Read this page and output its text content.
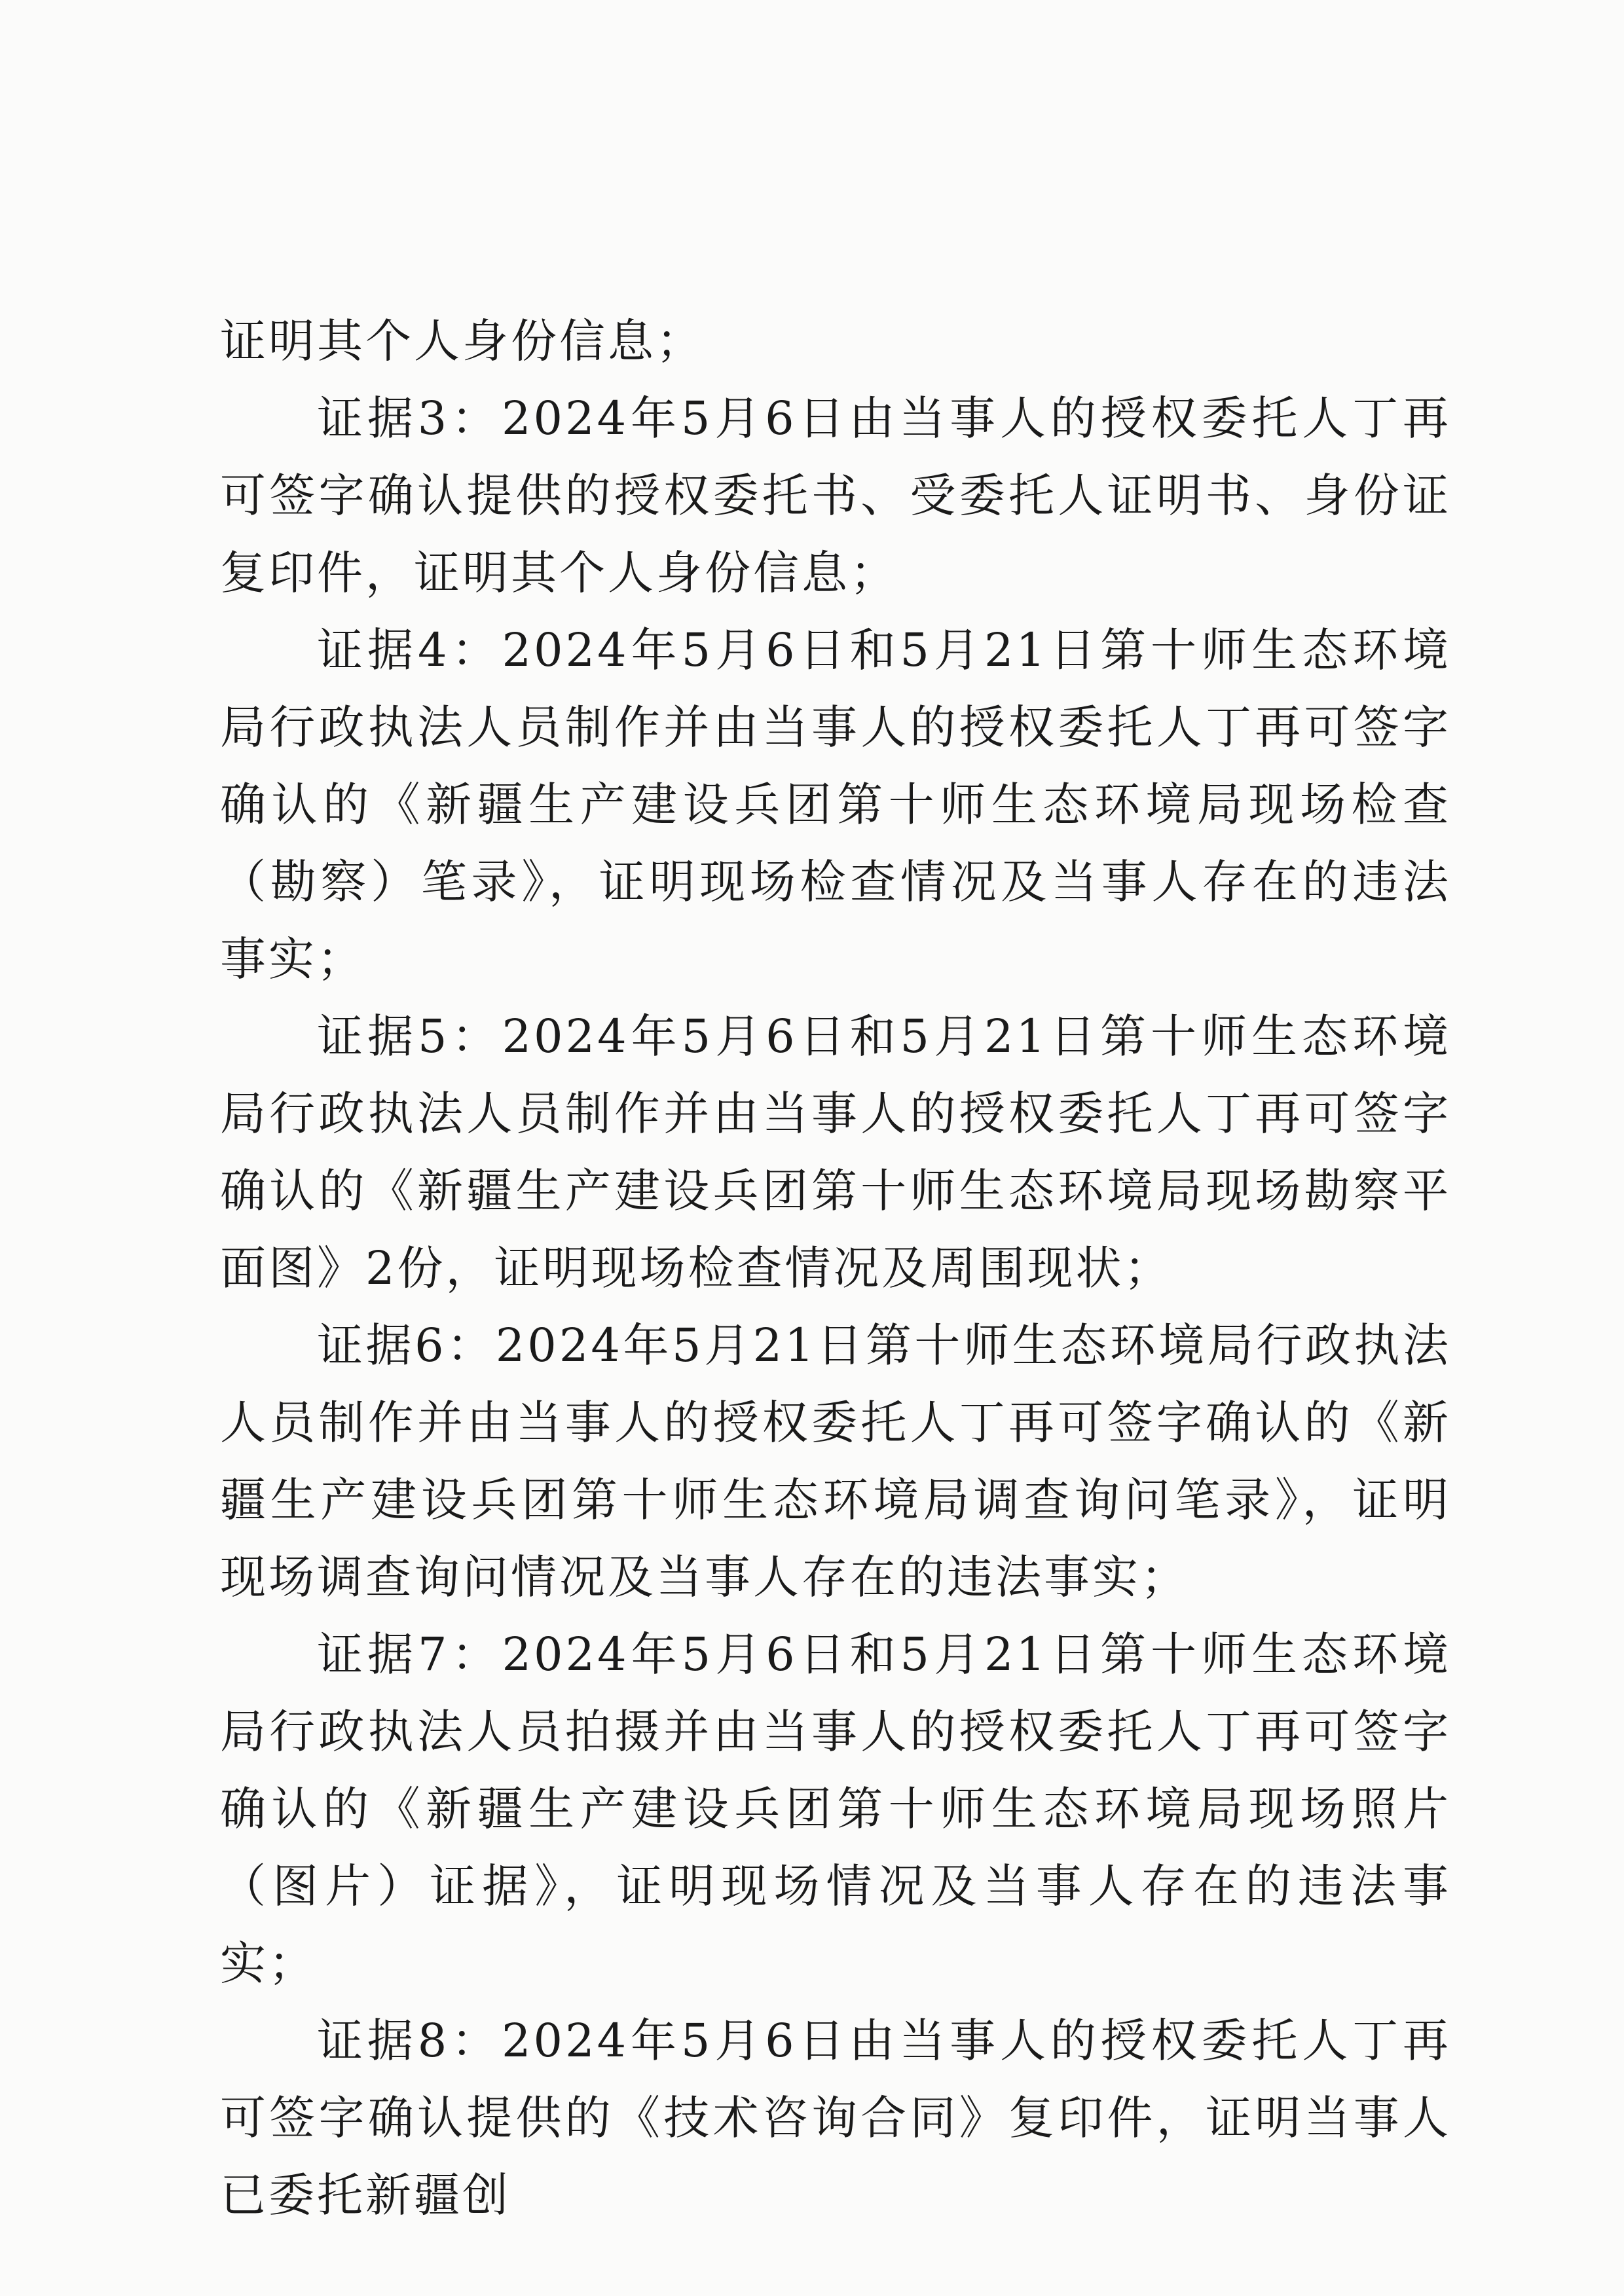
证明其个人身份信息；

证据3：2024年5月6日由当事人的授权委托人丁再可签字确认提供的授权委托书、受委托人证明书、身份证复印件，证明其个人身份信息；

证据4：2024年5月6日和5月21日第十师生态环境局行政执法人员制作并由当事人的授权委托人丁再可签字确认的《新疆生产建设兵团第十师生态环境局现场检查（勘察）笔录》，证明现场检查情况及当事人存在的违法事实；

证据5：2024年5月6日和5月21日第十师生态环境局行政执法人员制作并由当事人的授权委托人丁再可签字确认的《新疆生产建设兵团第十师生态环境局现场勘察平面图》2份，证明现场检查情况及周围现状；

证据6：2024年5月21日第十师生态环境局行政执法人员制作并由当事人的授权委托人丁再可签字确认的《新疆生产建设兵团第十师生态环境局调查询问笔录》，证明现场调查询问情况及当事人存在的违法事实；

证据7：2024年5月6日和5月21日第十师生态环境局行政执法人员拍摄并由当事人的授权委托人丁再可签字确认的《新疆生产建设兵团第十师生态环境局现场照片（图片）证据》，证明现场情况及当事人存在的违法事实；

证据8：2024年5月6日由当事人的授权委托人丁再可签字确认提供的《技术咨询合同》复印件，证明当事人已委托新疆创
